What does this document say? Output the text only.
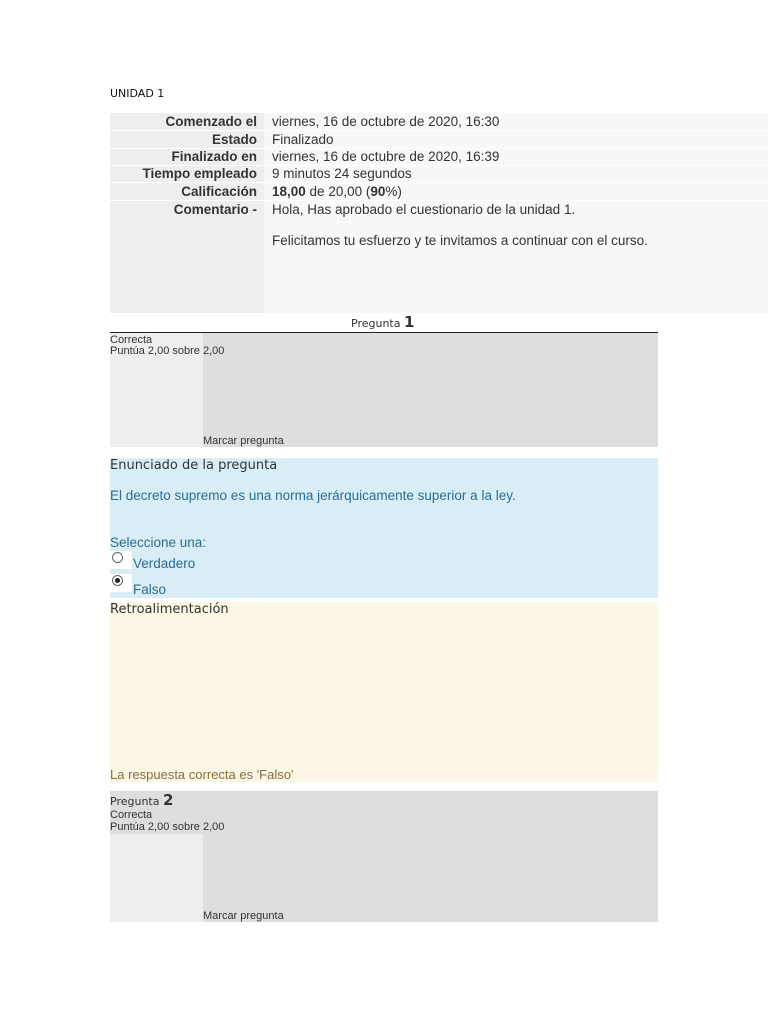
UNIDAD 1
Comenzado el viernes, 16 de octubre de 2020, 16:30
Estado Finalizado
Finalizado en viernes, 16 de octubre de 2020, 16:39
Tiempo empleado 9 minutos 24 segundos
Calificación 18,00 de 20,00 (90%)
Comentario - Hola, Has aprobado el cuestionario de la unidad 1.
Felicitamos tu esfuerzo y te invitamos a continuar con el curso.
Pregunta 1
Correcta
Puntúa 2,00 sobre 2,00
Marcar pregunta
Enunciado de la pregunta
El decreto supremo es una norma jerárquicamente superior a la ley.
Seleccione una:
Verdadero
Falso
Retroalimentación
La respuesta correcta es 'Falso'
Pregunta 2
Correcta
Puntúa 2,00 sobre 2,00
Marcar pregunta
